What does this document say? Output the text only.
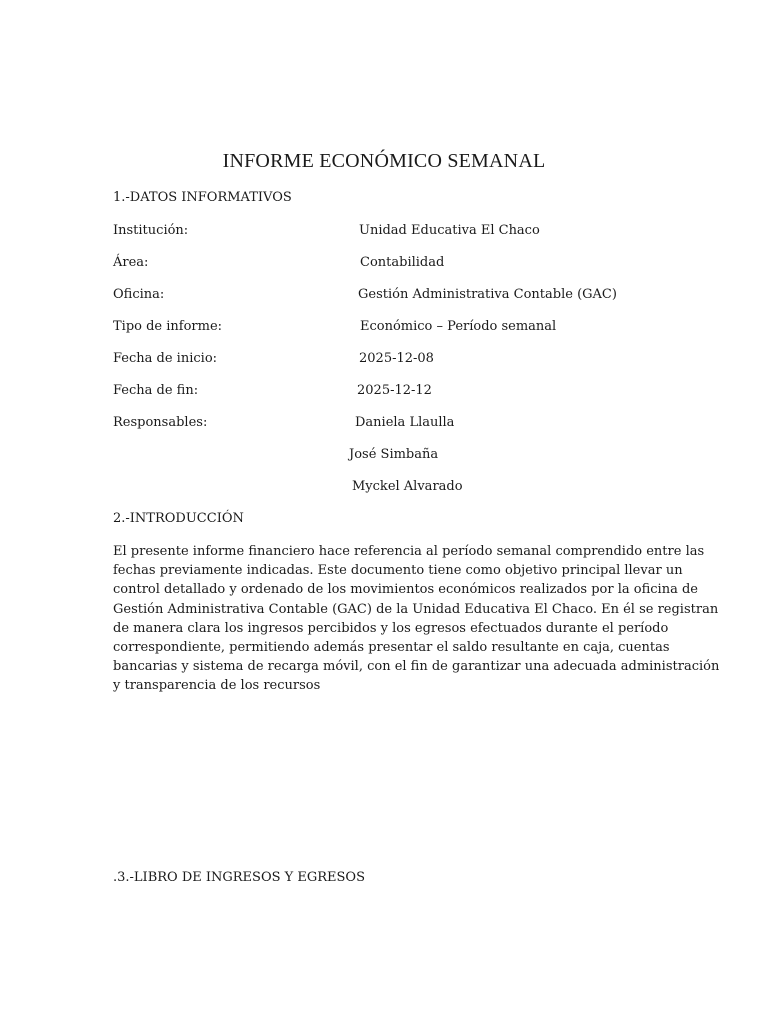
INFORME ECONÓMICO SEMANAL
1.-DATOS INFORMATIVOS
Institución:	Unidad Educativa El Chaco
Área:	Contabilidad
Oficina:	Gestión Administrativa Contable (GAC)
Tipo de informe:	Económico – Período semanal
Fecha de inicio:	2025-12-08
Fecha de fin:	2025-12-12
Responsables:	Daniela Llaulla
José Simbaña
Myckel Alvarado
2.-INTRODUCCIÓN
El presente informe financiero hace referencia al período semanal comprendido entre las
fechas previamente indicadas. Este documento tiene como objetivo principal llevar un
control detallado y ordenado de los movimientos económicos realizados por la oficina de
Gestión Administrativa Contable (GAC) de la Unidad Educativa El Chaco. En él se registran
de manera clara los ingresos percibidos y los egresos efectuados durante el período
correspondiente, permitiendo además presentar el saldo resultante en caja, cuentas
bancarias y sistema de recarga móvil, con el fin de garantizar una adecuada administración
y transparencia de los recursos
.3.-LIBRO DE INGRESOS Y EGRESOS
